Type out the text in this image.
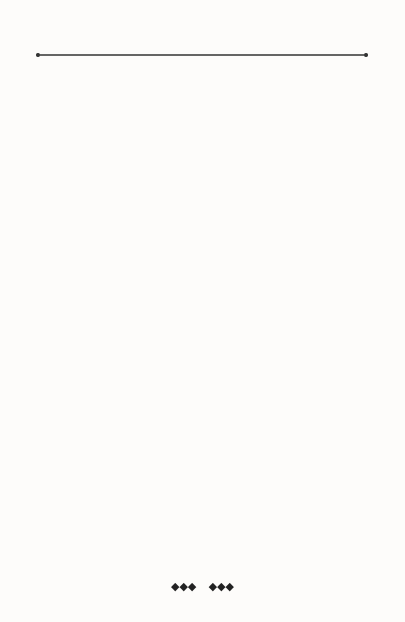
◆◆◆ ◆◆◆
